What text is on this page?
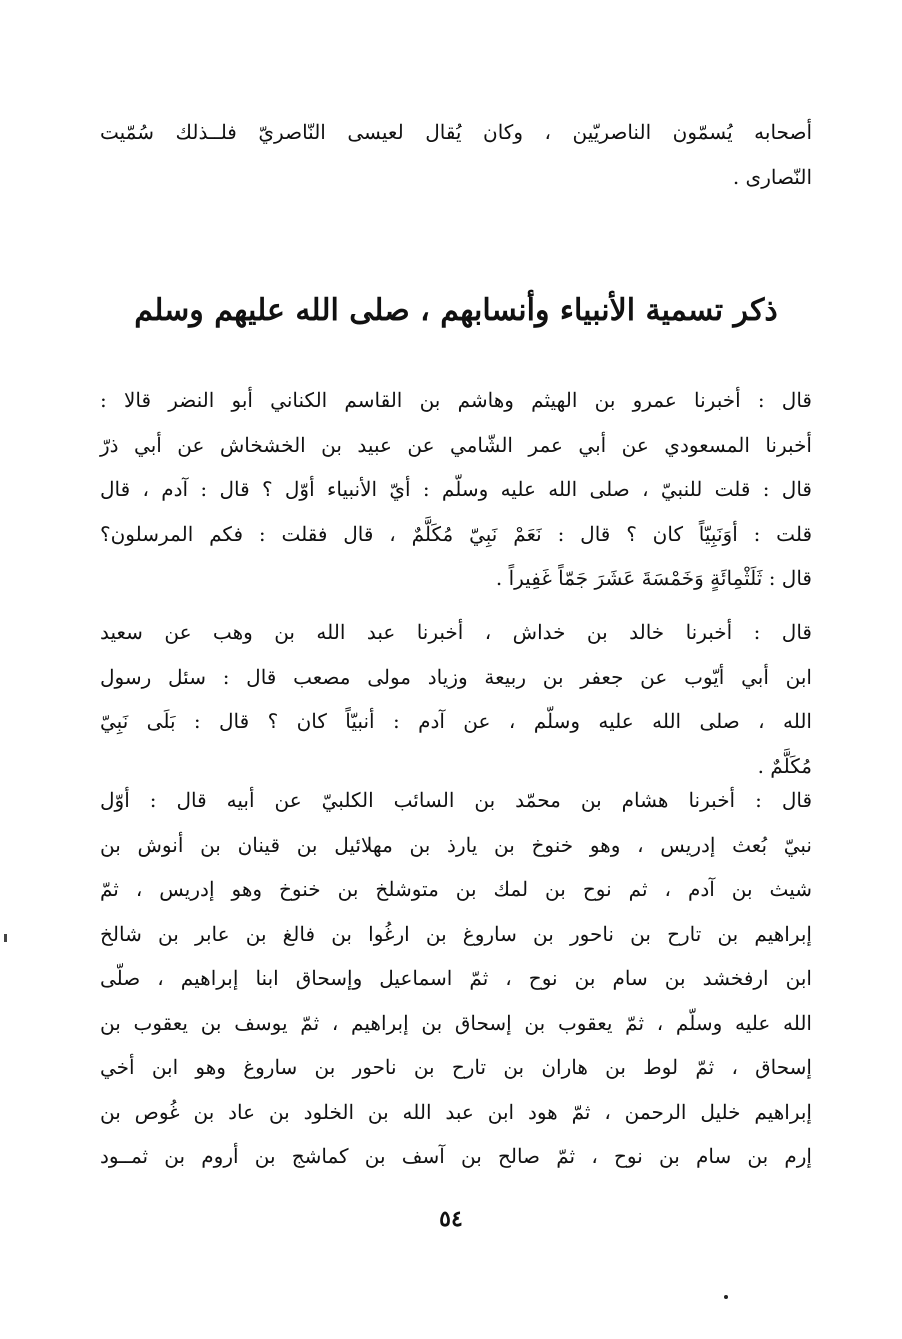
أصحابه يُسمّون الناصريّين ، وكان يُقال لعيسى النّاصريّ فلــذلك سُمّيت
النّصارى .
ذكر تسمية الأنبياء وأنسابهم ، صلى الله عليهم وسلم
قال : أخبرنا عمرو بن الهيثم وهاشم بن القاسم الكناني أبو النضر قالا :
أخبرنا المسعودي عن أبي عمر الشّامي عن عبيد بن الخشخاش عن أبي ذرّ
قال : قلت للنبيّ ، صلى الله عليه وسلّم : أيّ الأنبياء أوّل ؟ قال : آدم ، قال
قلت : أوَنَبِيّاً كان ؟ قال : نَعَمْ نَبِيّ مُكَلَّمٌ ، قال فقلت : فكم المرسلون؟
قال : ثَلَثْمِائَةٍ وَخَمْسَةَ عَشَرَ جَمّاً غَفِيراً .
قال : أخبرنا خالد بن خداش ، أخبرنا عبد الله بن وهب عن سعيد
ابن أبي أيّوب عن جعفر بن ربيعة وزياد مولى مصعب قال : سئل رسول
الله ، صلى الله عليه وسلّم ، عن آدم : أنبيّاً كان ؟ قال : بَلَى نَبِيّ
مُكَلَّمٌ .
قال : أخبرنا هشام بن محمّد بن السائب الكلبيّ عن أبيه قال : أوّل
نبيّ بُعث إدريس ، وهو خنوخ بن يارذ بن مهلائيل بن قينان بن أنوش بن
شيث بن آدم ، ثم نوح بن لمك بن متوشلخ بن خنوخ وهو إدريس ، ثمّ
إبراهيم بن تارح بن ناحور بن ساروغ بن ارغُوا بن فالغ بن عابر بن شالخ
ابن ارفخشد بن سام بن نوح ، ثمّ اسماعيل وإسحاق ابنا إبراهيم ، صلّى
الله عليه وسلّم ، ثمّ يعقوب بن إسحاق بن إبراهيم ، ثمّ يوسف بن يعقوب بن
إسحاق ، ثمّ لوط بن هاران بن تارح بن ناحور بن ساروغ وهو ابن أخي
إبراهيم خليل الرحمن ، ثمّ هود ابن عبد الله بن الخلود بن عاد بن غُوص بن
إرم بن سام بن نوح ، ثمّ صالح بن آسف بن كماشج بن أروم بن ثمــود
٥٤
